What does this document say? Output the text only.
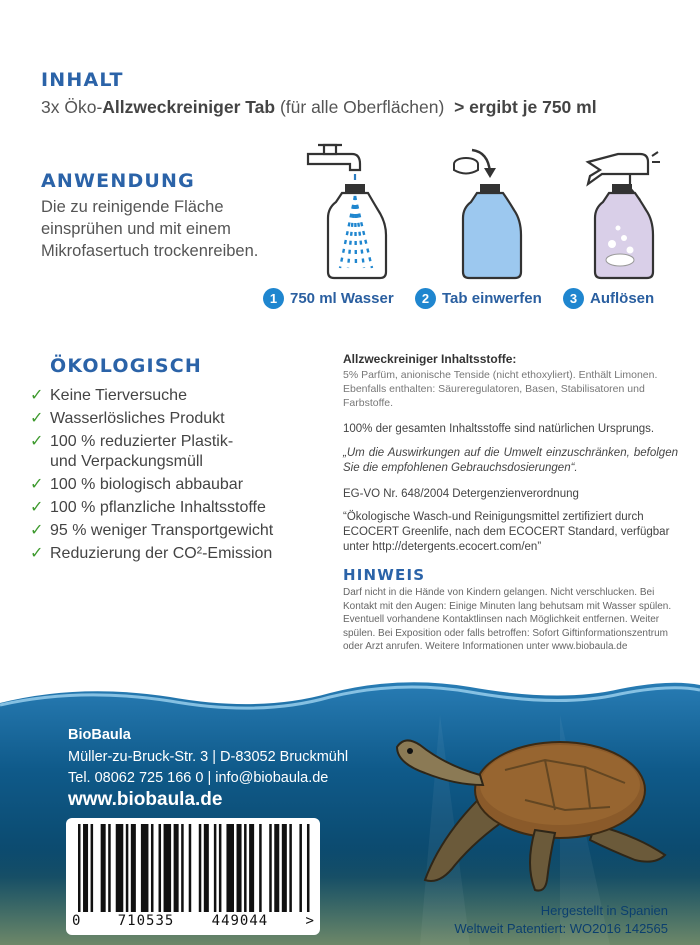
INHALT
3x Öko-Allzweckreiniger Tab (für alle Oberflächen) > ergibt je 750 ml
ANWENDUNG
Die zu reinigende Fläche einsprühen und mit einem Mikrofasertuch trockenreiben.
1 750 ml Wasser	2 Tab einwerfen	3 Auflösen
ÖKOLOGISCH
✓ Keine Tierversuche
✓ Wasserlösliches Produkt
✓ 100 % reduzierter Plastik-
und Verpackungsmüll
✓ 100 % biologisch abbaubar
✓ 100 % pflanzliche Inhaltsstoffe
✓ 95 % weniger Transportgewicht
✓ Reduzierung der CO²-Emission
Allzweckreiniger Inhaltsstoffe:
5% Parfüm, anionische Tenside (nicht ethoxyliert). Enthält Limonen. Ebenfalls enthalten: Säureregulatoren, Basen, Stabilisatoren und Farbstoffe.
100% der gesamten Inhaltsstoffe sind natürlichen Ursprungs.
„Um die Auswirkungen auf die Umwelt einzuschränken, befolgen Sie die empfohlenen Gebrauchsdosierungen“.
EG-VO Nr. 648/2004 Detergenzienverordnung
“Ökologische Wasch-und Reinigungsmittel zertifiziert durch ECOCERT Greenlife, nach dem ECOCERT Standard, verfügbar unter http://detergents.ecocert.com/en”
HINWEIS
Darf nicht in die Hände von Kindern gelangen. Nicht verschlucken. Bei Kontakt mit den Augen: Einige Minuten lang behutsam mit Wasser spülen. Eventuell vorhandene Kontaktlinsen nach Möglichkeit entfernen. Weiter spülen. Bei Exposition oder falls betroffen: Sofort Giftinformationszentrum oder Arzt anrufen. Weitere Informationen unter www.biobaula.de
BioBaula
Müller-zu-Bruck-Str. 3 | D-83052 Bruckmühl
Tel. 08062 725 166 0 | info@biobaula.de
www.biobaula.de
0	710535	449044	>
Hergestellt in Spanien
Weltweit Patentiert: WO2016 142565
